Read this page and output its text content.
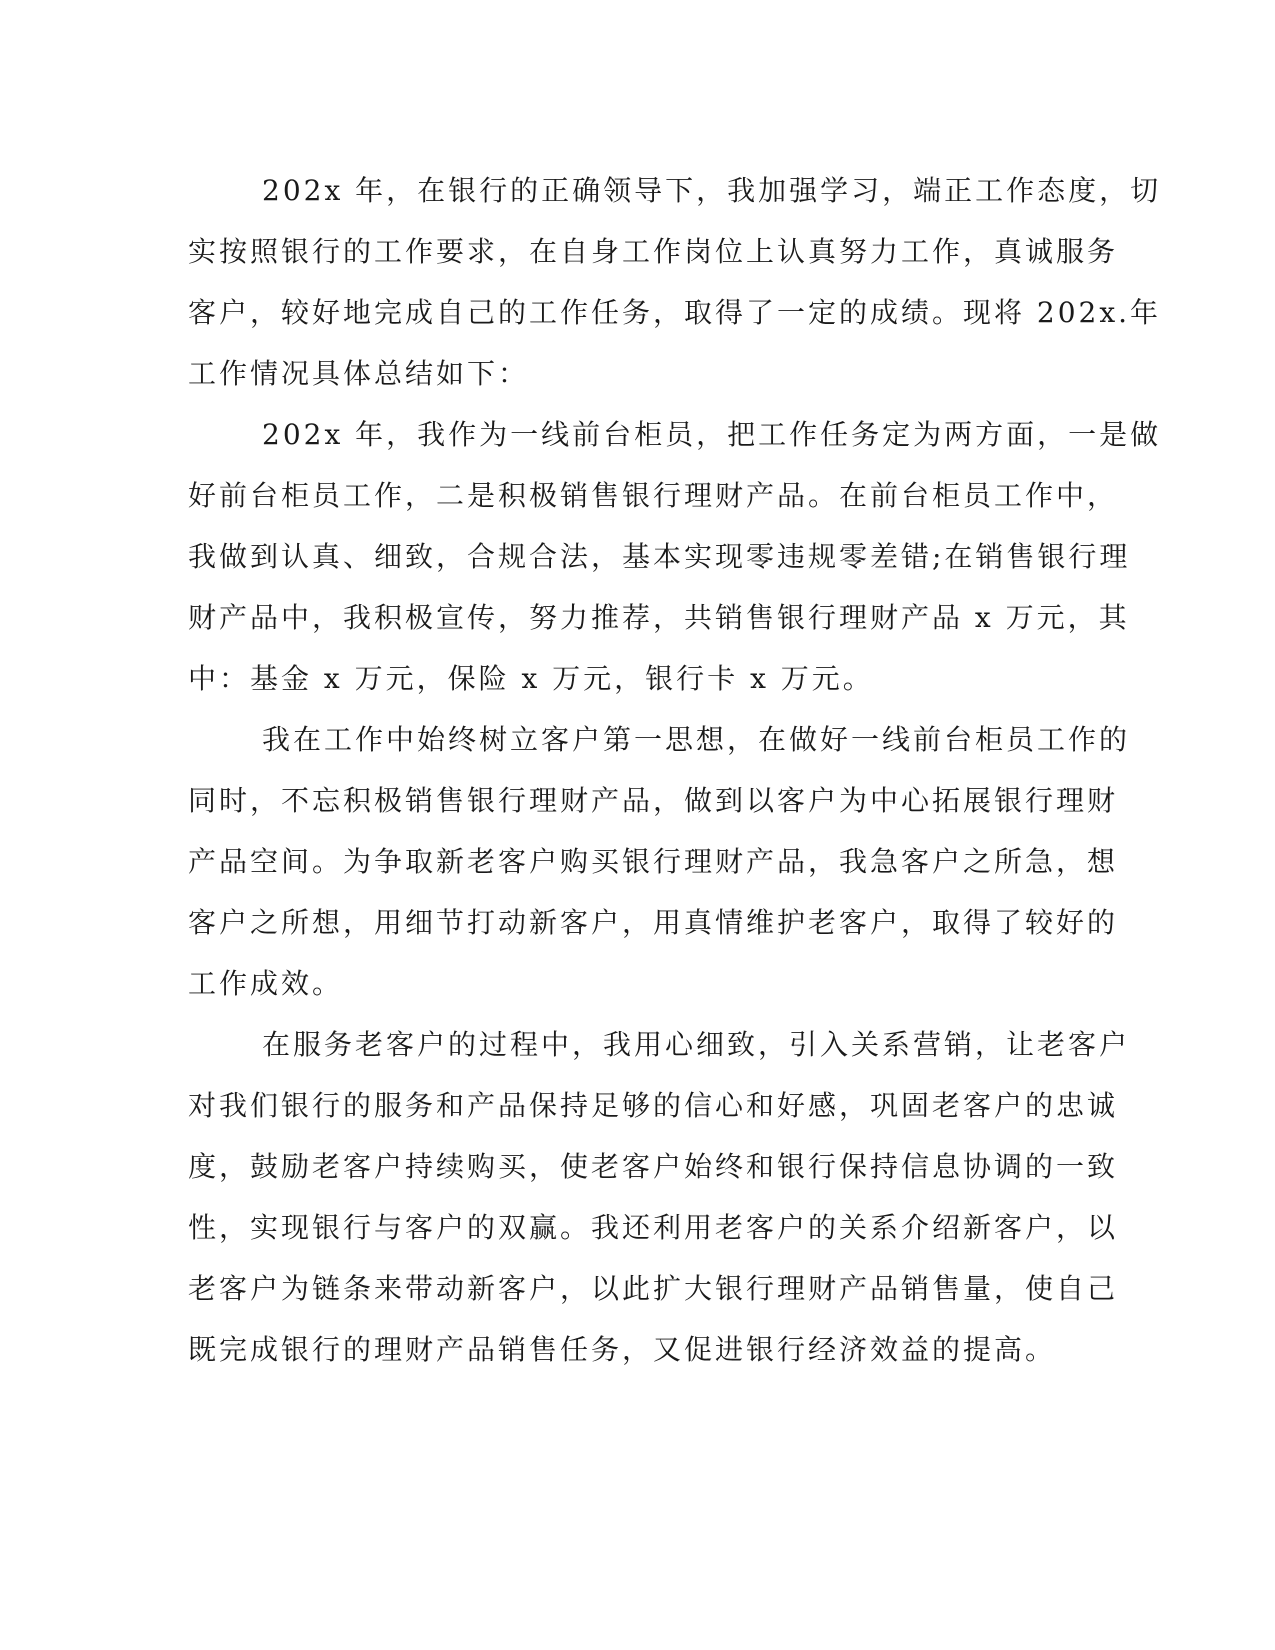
202x 年，在银行的正确领导下，我加强学习，端正工作态度，切
实按照银行的工作要求，在自身工作岗位上认真努力工作，真诚服务
客户，较好地完成自己的工作任务，取得了一定的成绩。现将 202x.年
工作情况具体总结如下：
202x 年，我作为一线前台柜员，把工作任务定为两方面，一是做
好前台柜员工作，二是积极销售银行理财产品。在前台柜员工作中，
我做到认真、细致，合规合法，基本实现零违规零差错;在销售银行理
财产品中，我积极宣传，努力推荐，共销售银行理财产品 x 万元，其
中：基金 x 万元，保险 x 万元，银行卡 x 万元。
我在工作中始终树立客户第一思想，在做好一线前台柜员工作的
同时，不忘积极销售银行理财产品，做到以客户为中心拓展银行理财
产品空间。为争取新老客户购买银行理财产品，我急客户之所急，想
客户之所想，用细节打动新客户，用真情维护老客户，取得了较好的
工作成效。
在服务老客户的过程中，我用心细致，引入关系营销，让老客户
对我们银行的服务和产品保持足够的信心和好感，巩固老客户的忠诚
度，鼓励老客户持续购买，使老客户始终和银行保持信息协调的一致
性，实现银行与客户的双赢。我还利用老客户的关系介绍新客户，以
老客户为链条来带动新客户，以此扩大银行理财产品销售量，使自己
既完成银行的理财产品销售任务，又促进银行经济效益的提高。
